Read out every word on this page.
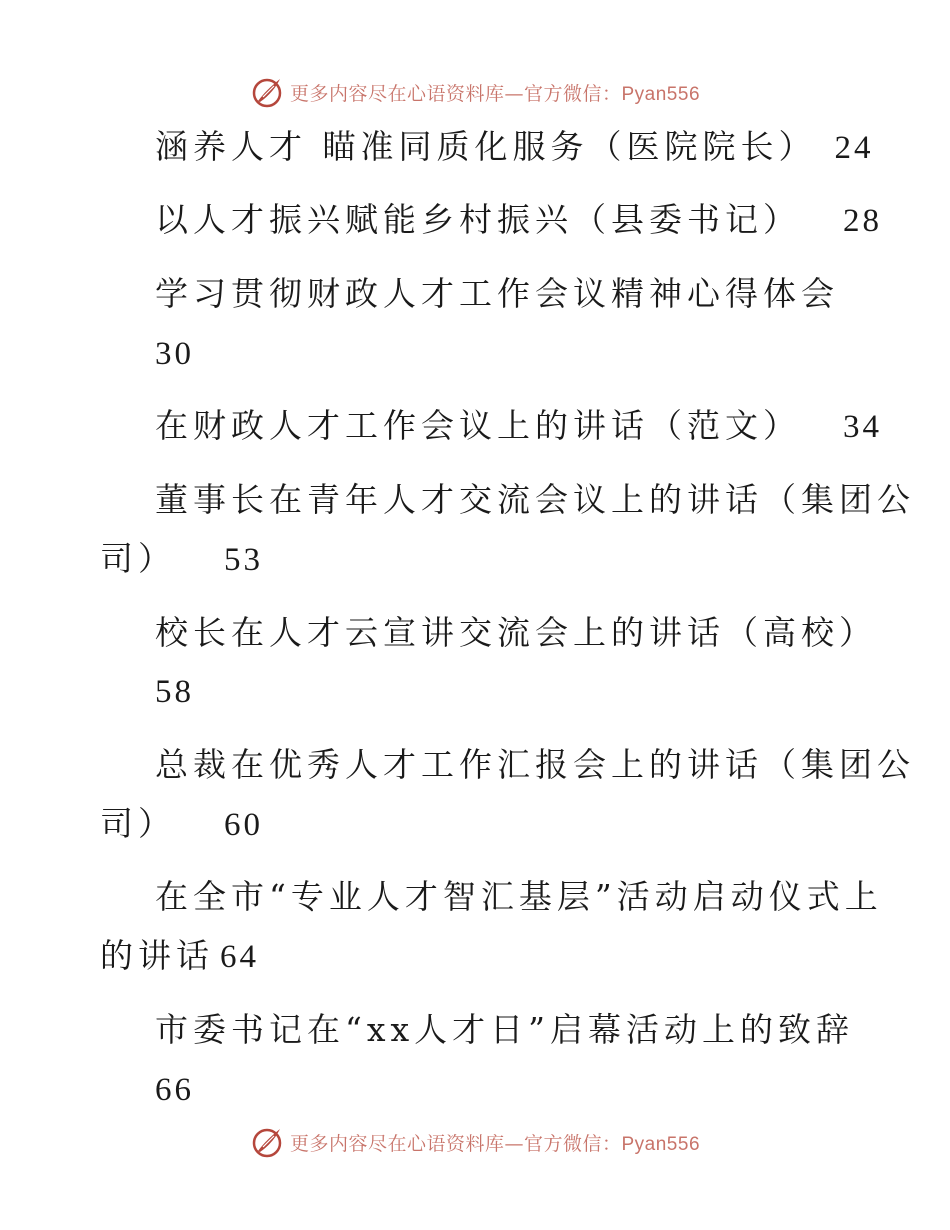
更多内容尽在心语资料库—官方微信：Pyan556
涵养人才 瞄准同质化服务（医院院长） 24
以人才振兴赋能乡村振兴（县委书记） 28
学习贯彻财政人才工作会议精神心得体会
30
在财政人才工作会议上的讲话（范文） 34
董事长在青年人才交流会议上的讲话（集团公
司） 53
校长在人才云宣讲交流会上的讲话（高校）
58
总裁在优秀人才工作汇报会上的讲话（集团公
司） 60
在全市“专业人才智汇基层”活动启动仪式上
的讲话 64
市委书记在“xx人才日”启幕活动上的致辞
66
更多内容尽在心语资料库—官方微信：Pyan556
